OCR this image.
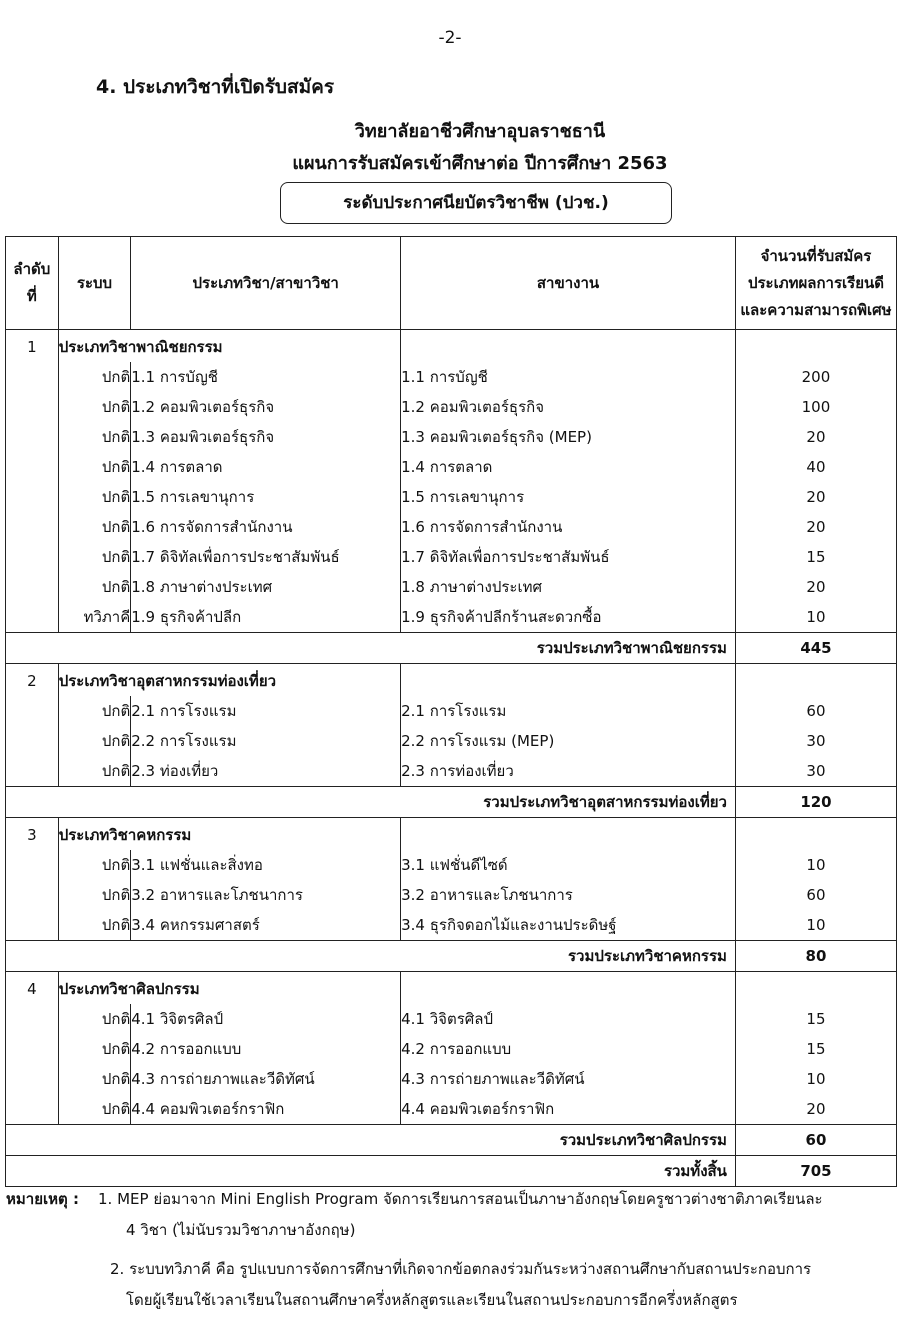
-2-
4. ประเภทวิชาที่เปิดรับสมัคร
วิทยาลัยอาชีวศึกษาอุบลราชธานี
แผนการรับสมัครเข้าศึกษาต่อ ปีการศึกษา 2563
ระดับประกาศนียบัตรวิชาชีพ (ปวช.)
ลำดับ ที่	ระบบ	ประเภทวิชา/สาขาวิชา	สาขางาน	จำนวนที่รับสมัคร ประเภทผลการเรียนดี และความสามารถพิเศษ
1	ประเภทวิชาพาณิชยกรรม			
	ปกติ	1.1 การบัญชี	1.1 การบัญชี	200
	ปกติ	1.2 คอมพิวเตอร์ธุรกิจ	1.2 คอมพิวเตอร์ธุรกิจ	100
	ปกติ	1.3 คอมพิวเตอร์ธุรกิจ	1.3 คอมพิวเตอร์ธุรกิจ (MEP)	20
	ปกติ	1.4 การตลาด	1.4 การตลาด	40
	ปกติ	1.5 การเลขานุการ	1.5 การเลขานุการ	20
	ปกติ	1.6 การจัดการสำนักงาน	1.6 การจัดการสำนักงาน	20
	ปกติ	1.7 ดิจิทัลเพื่อการประชาสัมพันธ์	1.7 ดิจิทัลเพื่อการประชาสัมพันธ์	15
	ปกติ	1.8 ภาษาต่างประเทศ	1.8 ภาษาต่างประเทศ	20
	ทวิภาคี	1.9 ธุรกิจค้าปลีก	1.9 ธุรกิจค้าปลีกร้านสะดวกซื้อ	10
รวมประเภทวิชาพาณิชยกรรม				445
2	ประเภทวิชาอุตสาหกรรมท่องเที่ยว			
	ปกติ	2.1 การโรงแรม	2.1 การโรงแรม	60
	ปกติ	2.2 การโรงแรม	2.2 การโรงแรม (MEP)	30
	ปกติ	2.3 ท่องเที่ยว	2.3 การท่องเที่ยว	30
รวมประเภทวิชาอุตสาหกรรมท่องเที่ยว				120
3	ประเภทวิชาคหกรรม			
	ปกติ	3.1 แฟชั่นและสิ่งทอ	3.1 แฟชั่นดีไซด์	10
	ปกติ	3.2 อาหารและโภชนาการ	3.2 อาหารและโภชนาการ	60
	ปกติ	3.4 คหกรรมศาสตร์	3.4 ธุรกิจดอกไม้และงานประดิษฐ์	10
รวมประเภทวิชาคหกรรม				80
4	ประเภทวิชาศิลปกรรม			
	ปกติ	4.1 วิจิตรศิลป์	4.1 วิจิตรศิลป์	15
	ปกติ	4.2 การออกแบบ	4.2 การออกแบบ	15
	ปกติ	4.3 การถ่ายภาพและวีดิทัศน์	4.3 การถ่ายภาพและวีดิทัศน์	10
	ปกติ	4.4 คอมพิวเตอร์กราฟิก	4.4 คอมพิวเตอร์กราฟิก	20
รวมประเภทวิชาศิลปกรรม				60
รวมทั้งสิ้น				705
หมายเหตุ : 1. MEP ย่อมาจาก Mini English Program จัดการเรียนการสอนเป็นภาษาอังกฤษโดยครูชาวต่างชาติภาคเรียนละ
4 วิชา (ไม่นับรวมวิชาภาษาอังกฤษ)
2. ระบบทวิภาคี คือ รูปแบบการจัดการศึกษาที่เกิดจากข้อตกลงร่วมกันระหว่างสถานศึกษากับสถานประกอบการ
โดยผู้เรียนใช้เวลาเรียนในสถานศึกษาครึ่งหลักสูตรและเรียนในสถานประกอบการอีกครึ่งหลักสูตร
